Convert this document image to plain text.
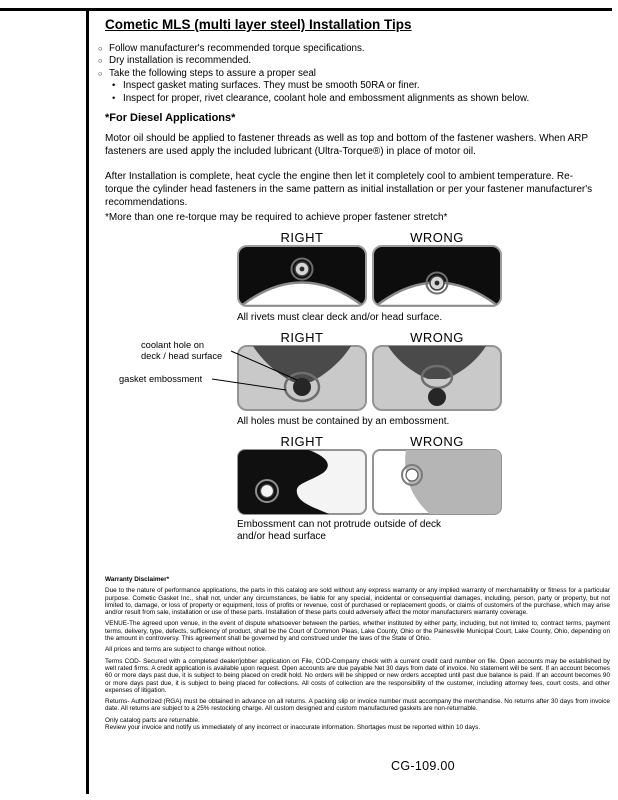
Cometic MLS (multi layer steel) Installation Tips
○ Follow manufacturer's recommended torque specifications.
○ Dry installation is recommended.
○ Take the following steps to assure a proper seal
• Inspect gasket mating surfaces. They must be smooth 50RA or finer.
• Inspect for proper, rivet clearance, coolant hole and embossment alignments as shown below.
*For Diesel Applications*

Motor oil should be applied to fastener threads as well as top and bottom of the fastener washers. When ARP fasteners are used apply the included lubricant (Ultra-Torque®) in place of motor oil.

After Installation is complete, heat cycle the engine then let it completely cool to ambient temperature. Re-torque the cylinder head fasteners in the same pattern as initial installation or per your fastener manufacturer's recommendations.

*More than one re-torque may be required to achieve proper fastener stretch*
RIGHT	WRONG
All rivets must clear deck and/or head surface.
RIGHT	WRONG
coolant hole on
deck / head surface
gasket embossment
All holes must be contained by an embossment.
RIGHT	WRONG
Embossment can not protrude outside of deck and/or head surface
Warranty Disclaimer*

Due to the nature of performance applications, the parts in this catalog are sold without any express warranty or any implied warranty of merchantability or fitness for a particular purpose. Cometic Gasket Inc., shall not, under any circumstances, be liable for any special, incidental or consequential damages, including, person, party or property, but not limited to, damage, or loss of property or equipment, loss of profits or revenue, cost of purchased or replacement goods, or claims of customers of the purchase, which may arise and/or result from sale, installation or use of these parts. Installation of these parts could adversely affect the motor manufacturers warranty coverage.

VENUE-The agreed upon venue, in the event of dispute whatsoever between the parties, whether instituted by either party, including, but not limited to, contract terms, payment terms, delivery, type, defects, sufficiency of product, shall be the Court of Common Pleas, Lake County, Ohio or the Painesville Municipal Court, Lake County, Ohio, depending on the amount in controversy. This agreement shall be governed by and construed under the laws of the State of Ohio.

All prices and terms are subject to change without notice.

Terms COD- Secured with a completed dealer/jobber application on File, COD-Company check with a current credit card number on file. Open accounts may be established by well rated firms. A credit application is available upon request. Open accounts are due payable Net 30 days from date of invoice. No statement will be sent. If an account becomes 60 or more days past due, it is subject to being placed on credit hold. No orders will be shipped or new orders accepted until past due balance is paid. If an account becomes 90 or more days past due, it is subject to being placed for collections. All costs of collection are the responsibility of the customer, including attorney fees, court costs, and other expenses of litigation.

Returns- Authorized (RGA) must be obtained in advance on all returns. A packing slip or invoice number must accompany the merchandise. No returns after 30 days from invoice date. All returns are subject to a 25% restocking charge. All custom designed and custom manufactured gaskets are non-returnable.

Only catalog parts are returnable.

Review your invoice and notify us immediately of any incorrect or inaccurate information. Shortages must be reported within 10 days.

CG-109.00
